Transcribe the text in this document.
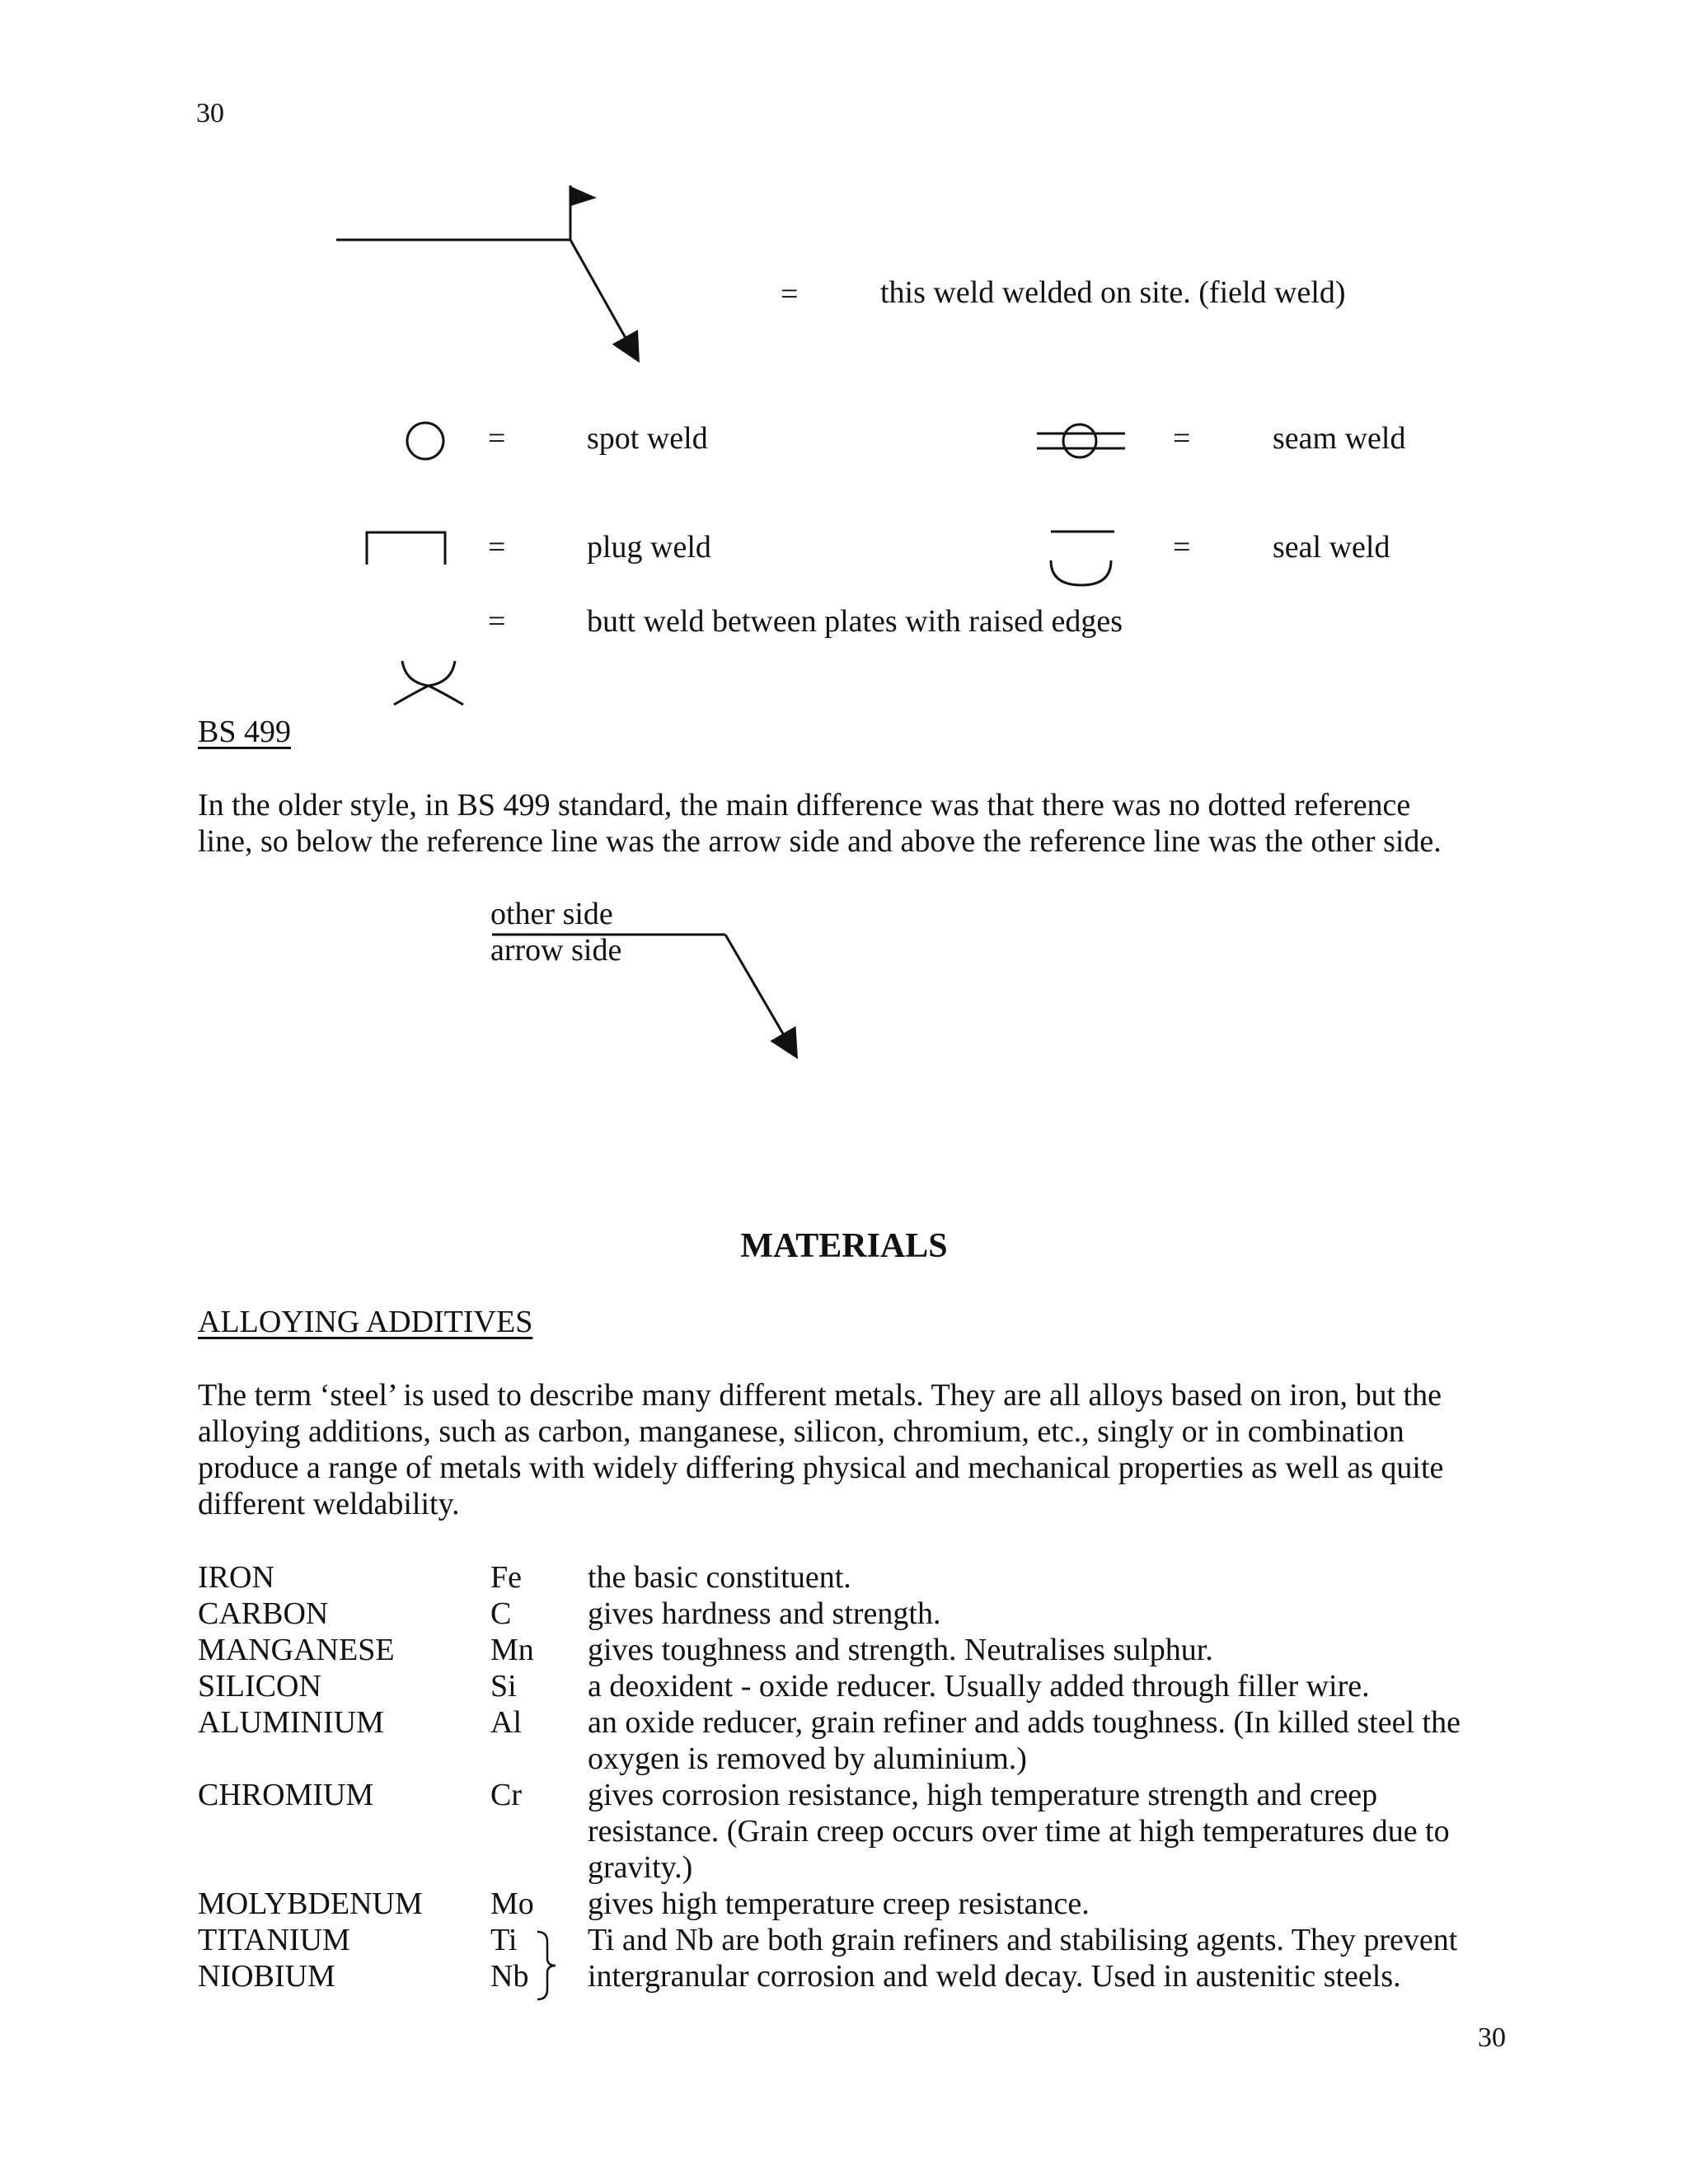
30
=	this weld welded on site. (field weld)
=	spot weld	=	seam weld
=	plug weld	=	seal weld
=	butt weld between plates with raised edges
BS 499
In the older style, in BS 499 standard, the main difference was that there was no dotted reference
line, so below the reference line was the arrow side and above the reference line was the other side.
other side
arrow side
MATERIALS
ALLOYING ADDITIVES
The term ‘steel’ is used to describe many different metals. They are all alloys based on iron, but the
alloying additions, such as carbon, manganese, silicon, chromium, etc., singly or in combination
produce a range of metals with widely differing physical and mechanical properties as well as quite
different weldability.
IRON	Fe the basic constituent.
CARBON	C gives hardness and strength.
MANGANESE	Mn gives toughness and strength. Neutralises sulphur.
SILICON	Si a deoxident - oxide reducer. Usually added through filler wire.
ALUMINIUM	Al an oxide reducer, grain refiner and adds toughness. (In killed steel the
oxygen is removed by aluminium.)
CHROMIUM	Cr gives corrosion resistance, high temperature strength and creep
resistance. (Grain creep occurs over time at high temperatures due to
gravity.)
MOLYBDENUM Mo gives high temperature creep resistance.
TITANIUM	Ti Ti and Nb are both grain refiners and stabilising agents. They prevent
NIOBIUM	Nb intergranular corrosion and weld decay. Used in austenitic steels.
30
